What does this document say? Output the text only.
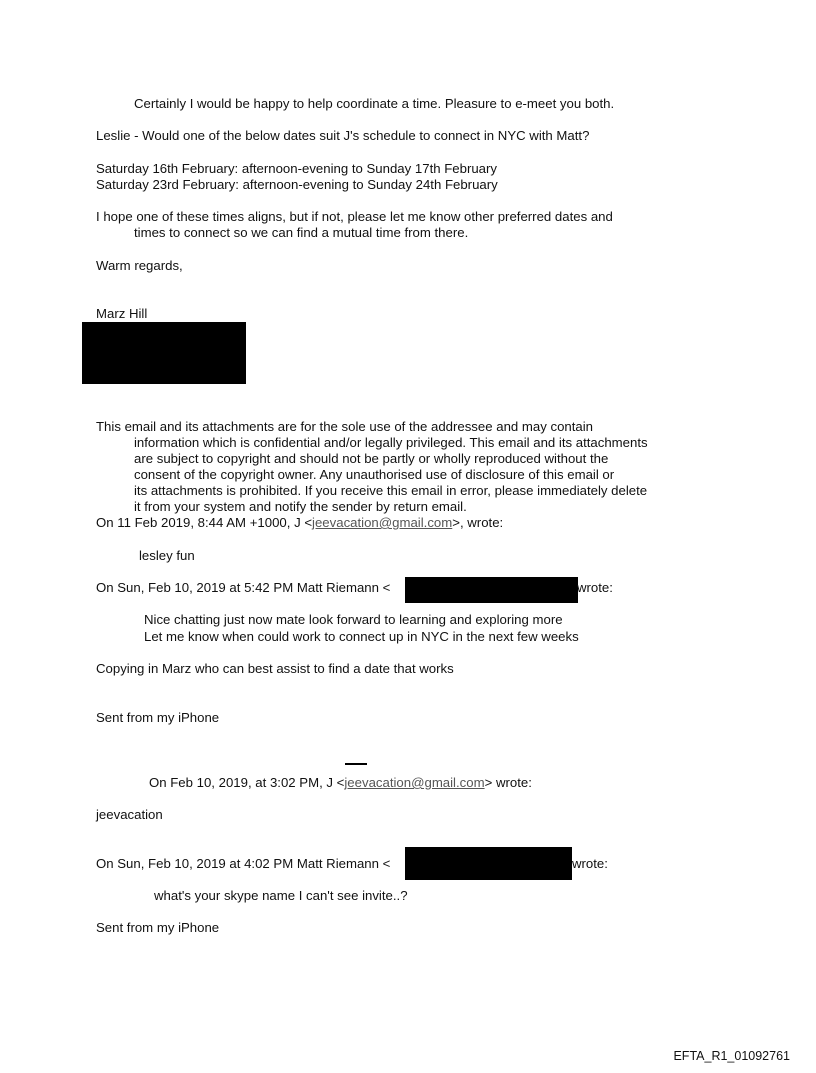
Certainly I would be happy to help coordinate a time. Pleasure to e-meet you both.

Leslie - Would one of the below dates suit J's schedule to connect in NYC with Matt?

Saturday 16th February: afternoon-evening to Sunday 17th February

Saturday 23rd February: afternoon-evening to Sunday 24th February

I hope one of these times aligns, but if not, please let me know other preferred dates and

times to connect so we can find a mutual time from there.

Warm regards,

Marz Hill

This email and its attachments are for the sole use of the addressee and may contain

information which is confidential and/or legally privileged. This email and its attachments

are subject to copyright and should not be partly or wholly reproduced without the

consent of the copyright owner. Any unauthorised use of disclosure of this email or

its attachments is prohibited. If you receive this email in error, please immediately delete

it from your system and notify the sender by return email.

On 11 Feb 2019, 8:44 AM +1000, J <jeevacation@gmail.com>, wrote:

lesley fun

On Sun, Feb 10, 2019 at 5:42 PM Matt Riemann <	wrote:

Nice chatting just now mate look forward to learning and exploring more

Let me know when could work to connect up in NYC in the next few weeks

Copying in Marz who can best assist to find a date that works

Sent from my iPhone

On Feb 10, 2019, at 3:02 PM, J <jeevacation@gmail.com> wrote:

jeevacation

On Sun, Feb 10, 2019 at 4:02 PM Matt Riemann <	wrote:

what's your skype name I can't see invite..?

Sent from my iPhone

EFTA_R1_01092761
